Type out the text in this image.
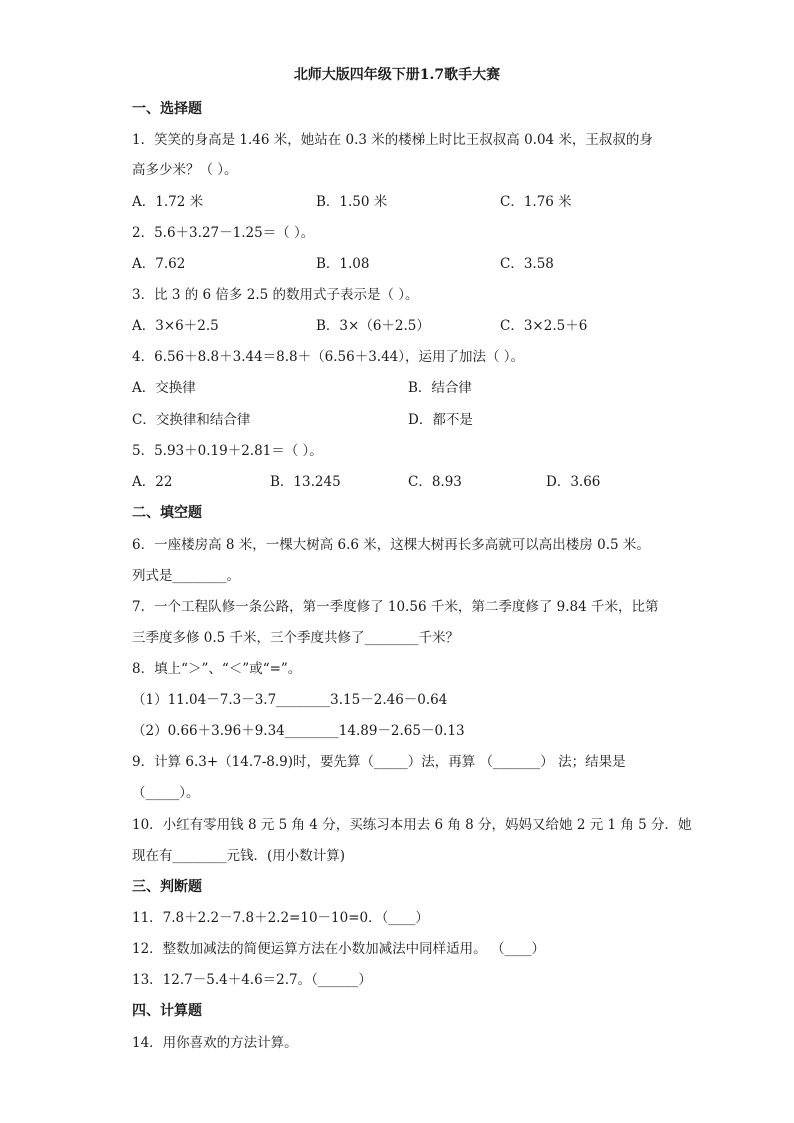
北师大版四年级下册1.7歌手大赛
一、选择题
1．笑笑的身高是 1.46 米，她站在 0.3 米的楼梯上时比王叔叔高 0.04 米，王叔叔的身
高多少米？（ ）。
A．1.72 米	B．1.50 米	C．1.76 米
2．5.6＋3.27－1.25＝（ ）。
A．7.62	B．1.08	C．3.58
3．比 3 的 6 倍多 2.5 的数用式子表示是（ ）。
A．3×6＋2.5	B．3×（6＋2.5）	C．3×2.5＋6
4．6.56＋8.8＋3.44＝8.8＋（6.56＋3.44），运用了加法（ ）。
A．交换律	B．结合律
C．交换律和结合律	D．都不是
5．5.93＋0.19＋2.81＝（ ）。
A．22	B．13.245	C．8.93	D．3.66
二、填空题
6．一座楼房高 8 米，一棵大树高 6.6 米，这棵大树再长多高就可以高出楼房 0.5 米。
列式是________。
7．一个工程队修一条公路，第一季度修了 10.56 千米，第二季度修了 9.84 千米，比第
三季度多修 0.5 千米，三个季度共修了________千米？
8．填上“＞”、“＜”或“=”。
（1）11.04－7.3－3.7________3.15－2.46－0.64
（2）0.66＋3.96＋9.34________14.89－2.65－0.13
9．计算 6.3+（14.7-8.9)时，要先算（_____）法，再算 （_______） 法；结果是
（_____）。
10．小红有零用钱 8 元 5 角 4 分，买练习本用去 6 角 8 分，妈妈又给她 2 元 1 角 5 分．她
现在有________元钱．(用小数计算)
三、判断题
11．7.8＋2.2－7.8＋2.2=10－10=0．（____）
12．整数加减法的简便运算方法在小数加减法中同样适用。 （____）
13．12.7－5.4＋4.6＝2.7。（______）
四、计算题
14．用你喜欢的方法计算。
